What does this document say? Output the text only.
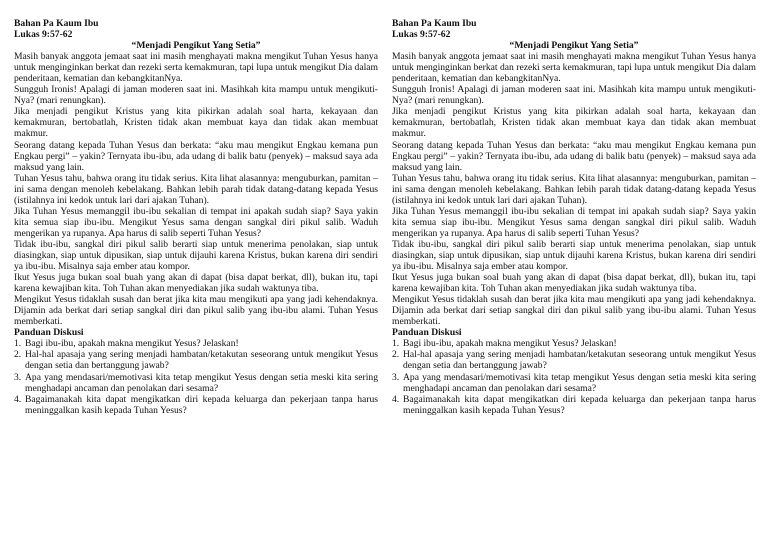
Bahan Pa Kaum Ibu

Lukas 9:57-62

“Menjadi Pengikut Yang Setia”

Masih banyak anggota jemaat saat ini masih menghayati makna mengikut Tuhan Yesus hanya untuk menginginkan berkat dan rezeki serta kemakmuran, tapi lupa untuk mengikut Dia dalam penderitaan, kematian dan kebangkitanNya.

Sungguh Ironis! Apalagi di jaman moderen saat ini. Masihkah kita mampu untuk mengikuti-Nya? (mari renungkan).

Jika menjadi pengikut Kristus yang kita pikirkan adalah soal harta, kekayaan dan kemakmuran, bertobatlah, Kristen tidak akan membuat kaya dan tidak akan membuat makmur.

Seorang datang kepada Tuhan Yesus dan berkata: “aku mau mengikut Engkau kemana pun Engkau pergi” – yakin? Ternyata ibu-ibu, ada udang di balik batu (penyek) – maksud saya ada maksud yang lain.

Tuhan Yesus tahu, bahwa orang itu tidak serius. Kita lihat alasannya: menguburkan, pamitan – ini sama dengan menoleh kebelakang. Bahkan lebih parah tidak datang-datang kepada Yesus (istilahnya ini kedok untuk lari dari ajakan Tuhan).

Jika Tuhan Yesus memanggil ibu-ibu sekalian di tempat ini apakah sudah siap? Saya yakin kita semua siap ibu-ibu. Mengikut Yesus sama dengan sangkal diri pikul salib. Waduh mengerikan ya rupanya. Apa harus di salib seperti Tuhan Yesus?

Tidak ibu-ibu, sangkal diri pikul salib berarti siap untuk menerima penolakan, siap untuk diasingkan, siap untuk dipusikan, siap untuk dijauhi karena Kristus, bukan karena diri sendiri ya ibu-ibu. Misalnya saja ember atau kompor.

Ikut Yesus juga bukan soal buah yang akan di dapat (bisa dapat berkat, dll), bukan itu, tapi karena kewajiban kita. Toh Tuhan akan menyediakan jika sudah waktunya tiba.

Mengikut Yesus tidaklah susah dan berat jika kita mau mengikuti apa yang jadi kehendaknya. Dijamin ada berkat dari setiap sangkal diri dan pikul salib yang ibu-ibu alami. Tuhan Yesus memberkati.

Panduan Diskusi

1. Bagi ibu-ibu, apakah makna mengikut Yesus? Jelaskan!
2. Hal-hal apasaja yang sering menjadi hambatan/ketakutan seseorang untuk mengikut Yesus dengan setia dan bertanggung jawab?
3. Apa yang mendasari/memotivasi kita tetap mengikut Yesus dengan setia meski kita sering menghadapi ancaman dan penolakan dari sesama?
4. Bagaimanakah kita dapat mengikatkan diri kepada keluarga dan pekerjaan tanpa harus meninggalkan kasih kepada Tuhan Yesus?

Bahan Pa Kaum Ibu

Lukas 9:57-62

“Menjadi Pengikut Yang Setia”

Masih banyak anggota jemaat saat ini masih menghayati makna mengikut Tuhan Yesus hanya untuk menginginkan berkat dan rezeki serta kemakmuran, tapi lupa untuk mengikut Dia dalam penderitaan, kematian dan kebangkitanNya.

Sungguh Ironis! Apalagi di jaman moderen saat ini. Masihkah kita mampu untuk mengikuti-Nya? (mari renungkan).

Jika menjadi pengikut Kristus yang kita pikirkan adalah soal harta, kekayaan dan kemakmuran, bertobatlah, Kristen tidak akan membuat kaya dan tidak akan membuat makmur.

Seorang datang kepada Tuhan Yesus dan berkata: “aku mau mengikut Engkau kemana pun Engkau pergi” – yakin? Ternyata ibu-ibu, ada udang di balik batu (penyek) – maksud saya ada maksud yang lain.

Tuhan Yesus tahu, bahwa orang itu tidak serius. Kita lihat alasannya: menguburkan, pamitan – ini sama dengan menoleh kebelakang. Bahkan lebih parah tidak datang-datang kepada Yesus (istilahnya ini kedok untuk lari dari ajakan Tuhan).

Jika Tuhan Yesus memanggil ibu-ibu sekalian di tempat ini apakah sudah siap? Saya yakin kita semua siap ibu-ibu. Mengikut Yesus sama dengan sangkal diri pikul salib. Waduh mengerikan ya rupanya. Apa harus di salib seperti Tuhan Yesus?

Tidak ibu-ibu, sangkal diri pikul salib berarti siap untuk menerima penolakan, siap untuk diasingkan, siap untuk dipusikan, siap untuk dijauhi karena Kristus, bukan karena diri sendiri ya ibu-ibu. Misalnya saja ember atau kompor.

Ikut Yesus juga bukan soal buah yang akan di dapat (bisa dapat berkat, dll), bukan itu, tapi karena kewajiban kita. Toh Tuhan akan menyediakan jika sudah waktunya tiba.

Mengikut Yesus tidaklah susah dan berat jika kita mau mengikuti apa yang jadi kehendaknya. Dijamin ada berkat dari setiap sangkal diri dan pikul salib yang ibu-ibu alami. Tuhan Yesus memberkati.

Panduan Diskusi

1. Bagi ibu-ibu, apakah makna mengikut Yesus? Jelaskan!
2. Hal-hal apasaja yang sering menjadi hambatan/ketakutan seseorang untuk mengikut Yesus dengan setia dan bertanggung jawab?
3. Apa yang mendasari/memotivasi kita tetap mengikut Yesus dengan setia meski kita sering menghadapi ancaman dan penolakan dari sesama?
4. Bagaimanakah kita dapat mengikatkan diri kepada keluarga dan pekerjaan tanpa harus meninggalkan kasih kepada Tuhan Yesus?
